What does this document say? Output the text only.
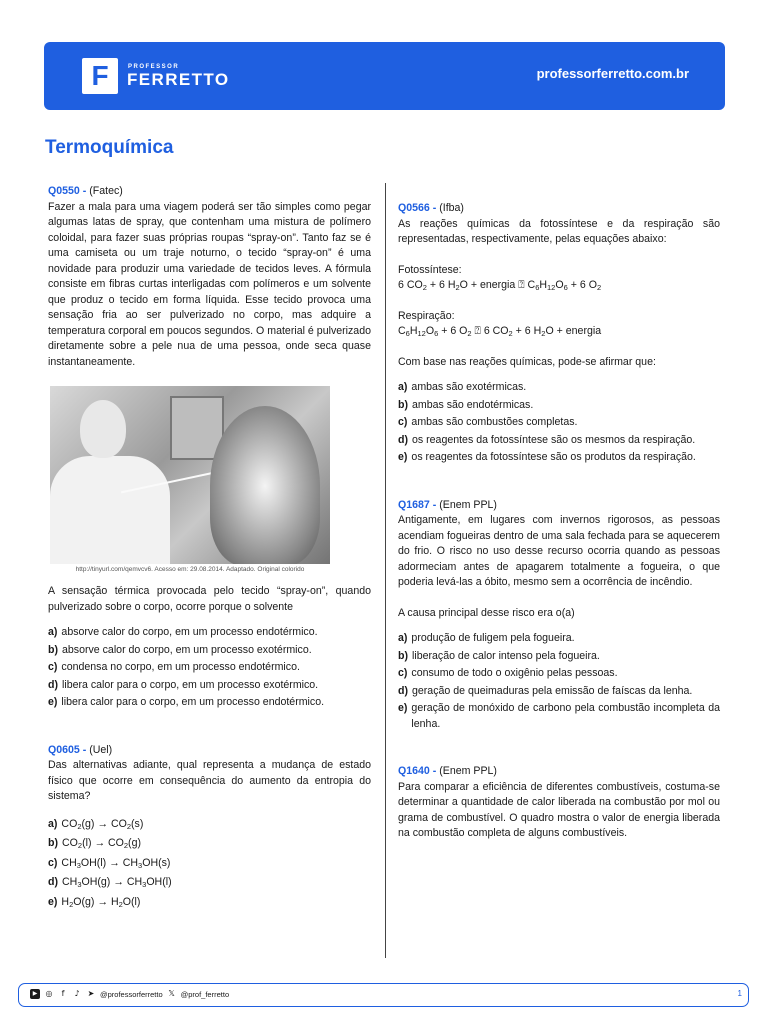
F	PROFESSOR
FERRETTO	professorferretto.com.br
Termoquímica

Q0550 - (Fatec)

Fazer a mala para uma viagem poderá ser tão simples como pegar algumas latas de spray, que contenham uma mistura de polímero coloidal, para fazer suas próprias roupas “spray-on”. Tanto faz se é uma camiseta ou um traje noturno, o tecido “spray-on” é uma novidade para produzir uma variedade de tecidos leves. A fórmula consiste em fibras curtas interligadas com polímeros e um solvente que produz o tecido em forma líquida. Esse tecido provoca uma sensação fria ao ser pulverizado no corpo, mas adquire a temperatura corporal em poucos segundos. O material é pulverizado diretamente sobre a pele nua de uma pessoa, onde seca quase instantaneamente.

http://tinyurl.com/qemvcv6. Acesso em: 29.08.2014. Adaptado. Original colorido

A sensação térmica provocada pelo tecido “spray-on”, quando pulverizado sobre o corpo, ocorre porque o solvente

a) absorve calor do corpo, em um processo endotérmico.
b) absorve calor do corpo, em um processo exotérmico.
c) condensa no corpo, em um processo endotérmico.
d) libera calor para o corpo, em um processo exotérmico.
e) libera calor para o corpo, em um processo endotérmico.

Q0605 - (Uel)

Das alternativas adiante, qual representa a mudança de estado físico que ocorre em consequência do aumento da entropia do sistema?

a) $CO_2(g) \to CO_2(s)$
b) $CO_2(l) \to CO_2(g)$
c) $CH_3OH(l) \to CH_3OH(s)$
d) $CH_3OH(g) \to CH_3OH(l)$
e) $H_2O(g) \to H_2O(l)$

Q0566 - (Ifba)

As reações químicas da fotossíntese e da respiração são representadas, respectivamente, pelas equações abaixo:

Fotossíntese:

6 $CO_2 + 6$ $H_2O$ + energia ⍰ $C_6H_{12}O_6 + 6$ $O_2$

Respiração:

$C_6H_{12}O_6 + 6$ $O_2$ ⍰ 6 $CO_2 + 6$ $H_2O$ + energia

Com base nas reações químicas, pode-se afirmar que:

a) ambas são exotérmicas.
b) ambas são endotérmicas.
c) ambas são combustões completas.
d) os reagentes da fotossíntese são os mesmos da respiração.
e) os reagentes da fotossíntese são os produtos da respiração.

Q1687 - (Enem PPL)

Antigamente, em lugares com invernos rigorosos, as pessoas acendiam fogueiras dentro de uma sala fechada para se aquecerem do frio. O risco no uso desse recurso ocorria quando as pessoas adormeciam antes de apagarem totalmente a fogueira, o que poderia levá-las a óbito, mesmo sem a ocorrência de incêndio.

A causa principal desse risco era o(a)

a) produção de fuligem pela fogueira.
b) liberação de calor intenso pela fogueira.
c) consumo de todo o oxigênio pelas pessoas.
d) geração de queimaduras pela emissão de faíscas da lenha.
e) geração de monóxido de carbono pela combustão incompleta da lenha.

Q1640 - (Enem PPL)

Para comparar a eficiência de diferentes combustíveis, costuma-se determinar a quantidade de calor liberada na combustão por mol ou grama de combustível. O quadro mostra o valor de energia liberada na combustão completa de alguns combustíveis.

▶	◎	f	♪	➤ @professorferretto 𝕏 @prof_ferretto	1
